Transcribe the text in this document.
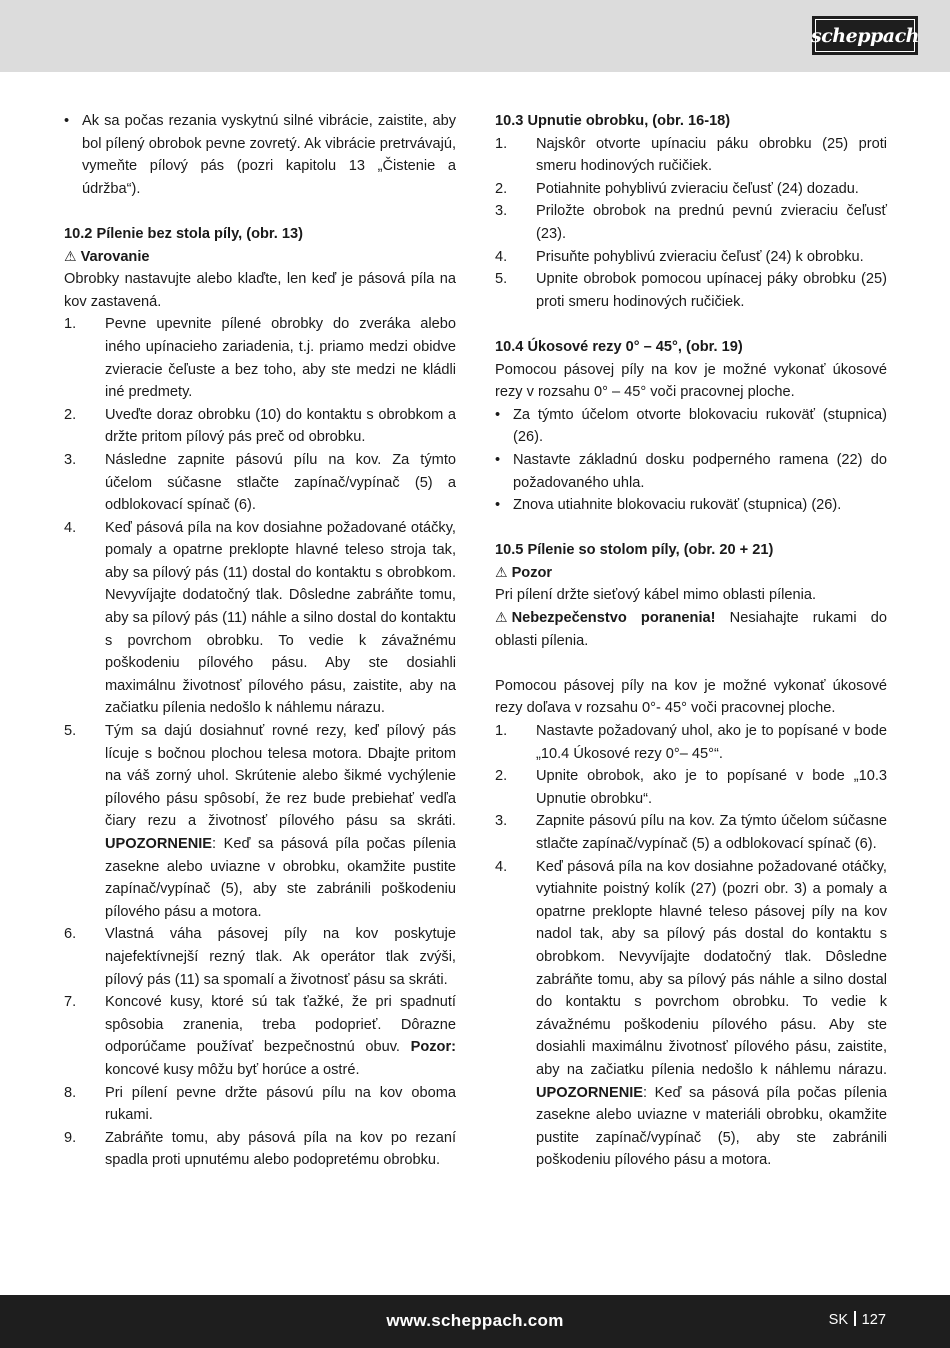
scheppach
• Ak sa počas rezania vyskytnú silné vibrácie, zaistite, aby bol pílený obrobok pevne zovretý. Ak vibrácie pretrvávajú, vymeňte pílový pás (pozri kapitolu 13 „Čistenie a údržba“).

10.2 Pílenie bez stola píly, (obr. 13)

⚠ Varovanie

Obrobky nastavujte alebo klaďte, len keď je pásová píla na kov zastavená.

1.	Pevne upevnite pílené obrobky do zveráka alebo iného upínacieho zariadenia, t.j. priamo medzi obidve zvieracie čeľuste a bez toho, aby ste medzi ne kládli iné predmety.
2.	Uveďte doraz obrobku (10) do kontaktu s obrobkom a držte pritom pílový pás preč od obrobku.
3.	Následne zapnite pásovú pílu na kov. Za týmto účelom súčasne stlačte zapínač/vypínač (5) a odblokovací spínač (6).
4.	Keď pásová píla na kov dosiahne požadované otáčky, pomaly a opatrne preklopte hlavné teleso stroja tak, aby sa pílový pás (11) dostal do kontaktu s obrobkom. Nevyvíjajte dodatočný tlak. Dôsledne zabráňte tomu, aby sa pílový pás (11) náhle a silno dostal do kontaktu s povrchom obrobku. To vedie k závažnému poškodeniu pílového pásu. Aby ste dosiahli maximálnu životnosť pílového pásu, zaistite, aby na začiatku pílenia nedošlo k náhlemu nárazu.
5.	Tým sa dajú dosiahnuť rovné rezy, keď pílový pás lícuje s bočnou plochou telesa motora. Dbajte pritom na váš zorný uhol. Skrútenie alebo šikmé vychýlenie pílového pásu spôsobí, že rez bude prebiehať vedľa čiary rezu a životnosť pílového pásu sa skráti. UPOZORNENIE: Keď sa pásová píla počas pílenia zasekne alebo uviazne v obrobku, okamžite pustite zapínač/vypínač (5), aby ste zabránili poškodeniu pílového pásu a motora.
6.	Vlastná váha pásovej píly na kov poskytuje najefektívnejší rezný tlak. Ak operátor tlak zvýši, pílový pás (11) sa spomalí a životnosť pásu sa skráti.
7.	Koncové kusy, ktoré sú tak ťažké, že pri spadnutí spôsobia zranenia, treba podoprieť. Dôrazne odporúčame používať bezpečnostnú obuv. Pozor: koncové kusy môžu byť horúce a ostré.
8.	Pri pílení pevne držte pásovú pílu na kov oboma rukami.
9.	Zabráňte tomu, aby pásová píla na kov po rezaní spadla proti upnutému alebo podopretému obrobku.

10.3 Upnutie obrobku, (obr. 16-18)

1.	Najskôr otvorte upínaciu páku obrobku (25) proti smeru hodinových ručičiek.
2.	Potiahnite pohyblivú zvieraciu čeľusť (24) dozadu.
3.	Priložte obrobok na prednú pevnú zvieraciu čeľusť (23).
4.	Prisuňte pohyblivú zvieraciu čeľusť (24) k obrobku.
5.	Upnite obrobok pomocou upínacej páky obrobku (25) proti smeru hodinových ručičiek.

10.4 Úkosové rezy 0° – 45°, (obr. 19)

Pomocou pásovej píly na kov je možné vykonať úkosové rezy v rozsahu 0° – 45° voči pracovnej ploche.

• Za týmto účelom otvorte blokovaciu rukoväť (stupnica) (26).
• Nastavte základnú dosku podperného ramena (22) do požadovaného uhla.
• Znova utiahnite blokovaciu rukoväť (stupnica) (26).

10.5 Pílenie so stolom píly, (obr. 20 + 21)

⚠ Pozor

Pri pílení držte sieťový kábel mimo oblasti pílenia.

⚠ Nebezpečenstvo poranenia! Nesiahajte rukami do oblasti pílenia.

Pomocou pásovej píly na kov je možné vykonať úkosové rezy doľava v rozsahu 0°- 45° voči pracovnej ploche.

1.	Nastavte požadovaný uhol, ako je to popísané v bode „10.4 Úkosové rezy 0°– 45°“.
2.	Upnite obrobok, ako je to popísané v bode „10.3 Upnutie obrobku“.
3.	Zapnite pásovú pílu na kov. Za týmto účelom súčasne stlačte zapínač/vypínač (5) a odblokovací spínač (6).
4.	Keď pásová píla na kov dosiahne požadované otáčky, vytiahnite poistný kolík (27) (pozri obr. 3) a pomaly a opatrne preklopte hlavné teleso pásovej píly na kov nadol tak, aby sa pílový pás dostal do kontaktu s obrobkom. Nevyvíjajte dodatočný tlak. Dôsledne zabráňte tomu, aby sa pílový pás náhle a silno dostal do kontaktu s povrchom obrobku. To vedie k závažnému poškodeniu pílového pásu. Aby ste dosiahli maximálnu životnosť pílového pásu, zaistite, aby na začiatku pílenia nedošlo k náhlemu nárazu. UPOZORNENIE: Keď sa pásová píla počas pílenia zasekne alebo uviazne v materiáli obrobku, okamžite pustite zapínač/vypínač (5), aby ste zabránili poškodeniu pílového pásu a motora.
www.scheppach.com	SK 127
